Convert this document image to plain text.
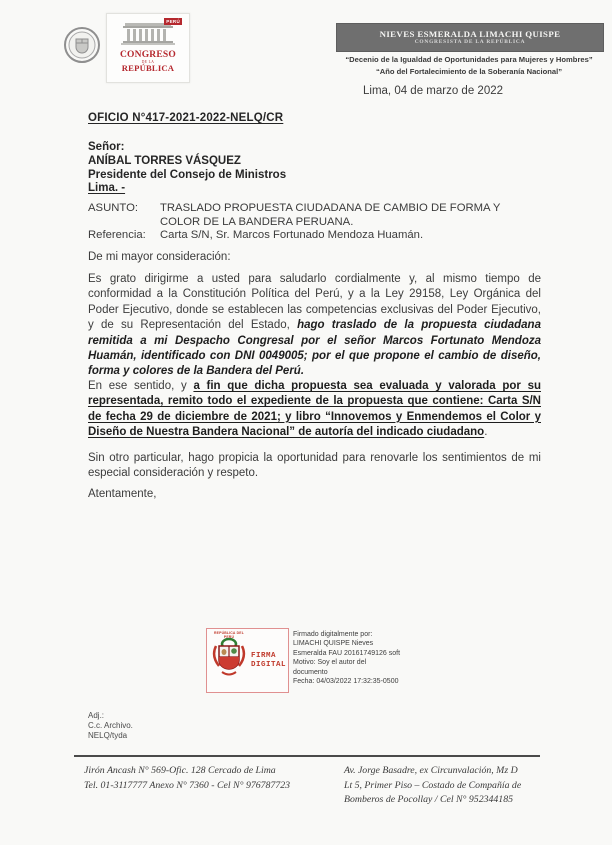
PERÚ
CONGRESO
DE LA
REPÚBLICA
NIEVES ESMERALDA LIMACHI QUISPE
CONGRESISTA DE LA REPÚBLICA
“Decenio de la Igualdad de Oportunidades para Mujeres y Hombres”
“Año del Fortalecimiento de la Soberanía Nacional”
Lima, 04 de marzo de 2022
OFICIO N°417-2021-2022-NELQ/CR
Señor:
ANÍBAL TORRES VÁSQUEZ
Presidente del Consejo de Ministros
Lima. -
ASUNTO:	TRASLADO PROPUESTA CIUDADANA DE CAMBIO DE FORMA Y COLOR DE LA BANDERA PERUANA.
Referencia:	Carta S/N, Sr. Marcos Fortunado Mendoza Huamán.
De mi mayor consideración:
Es grato dirigirme a usted para saludarlo cordialmente y, al mismo tiempo de conformidad a la Constitución Política del Perú, y a la Ley 29158, Ley Orgánica del Poder Ejecutivo, donde se establecen las competencias exclusivas del Poder Ejecutivo, y de su Representación del Estado, hago traslado de la propuesta ciudadana remitida a mi Despacho Congresal por el señor Marcos Fortunato Mendoza Huamán, identificado con DNI 0049005; por el que propone el cambio de diseño, forma y colores de la Bandera del Perú.
En ese sentido, y a fin que dicha propuesta sea evaluada y valorada por su representada, remito todo el expediente de la propuesta que contiene: Carta S/N de fecha 29 de diciembre de 2021; y libro “Innovemos y Enmendemos el Color y Diseño de Nuestra Bandera Nacional” de autoría del indicado ciudadano.
Sin otro particular, hago propicia la oportunidad para renovarle los sentimientos de mi especial consideración y respeto.
Atentamente,
REPÚBLICA DEL PERÚ
FIRMA
DIGITAL
Firmado digitalmente por:
LIMACHI QUISPE Nieves
Esmeralda FAU 20161749126 soft
Motivo: Soy el autor del
documento
Fecha: 04/03/2022 17:32:35-0500
Adj.:
C.c. Archivo.
NELQ/tyda
Jirón Ancash N° 569-Ofic. 128 Cercado de Lima
Tel. 01-3117777 Anexo N° 7360 - Cel N° 976787723
Av. Jorge Basadre, ex Circunvalación, Mz D
Lt 5, Primer Piso – Costado de Compañía de
Bomberos de Pocollay / Cel N° 952344185
